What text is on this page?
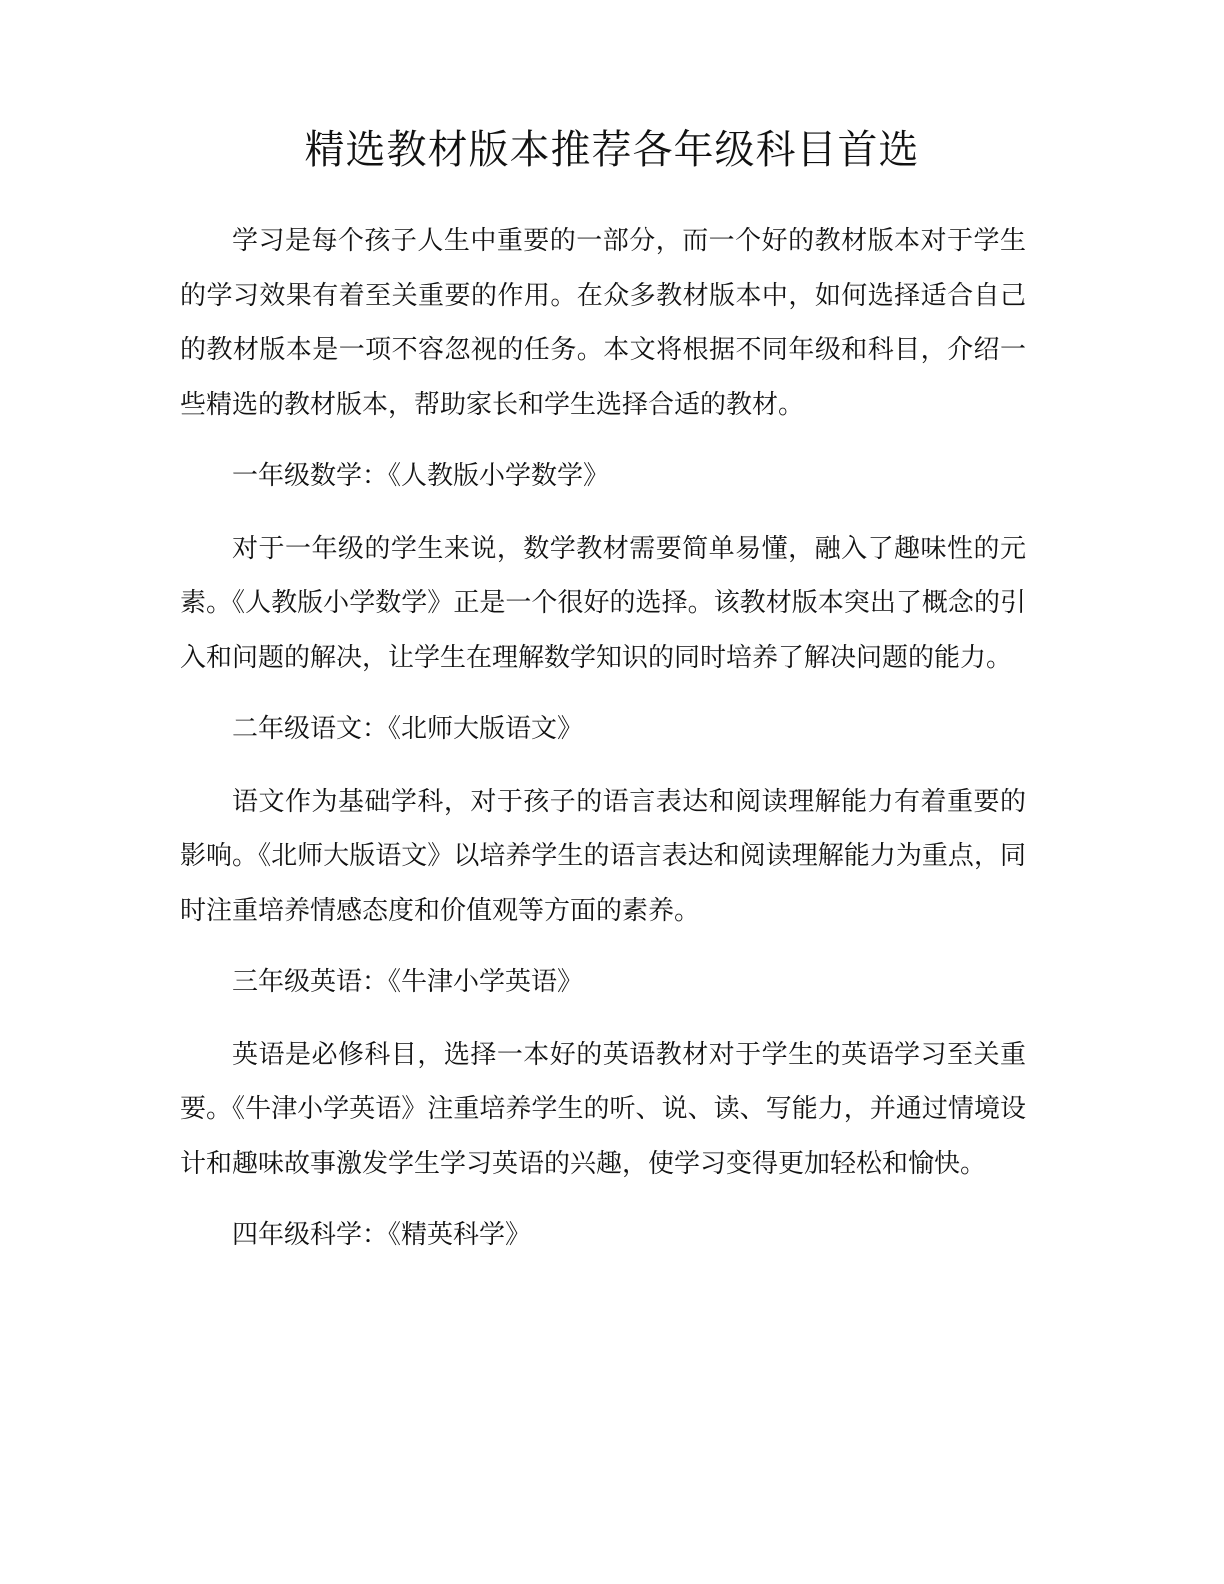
精选教材版本推荐各年级科目首选

学习是每个孩子人生中重要的一部分，而一个好的教材版本对于学生的学习效果有着至关重要的作用。在众多教材版本中，如何选择适合自己的教材版本是一项不容忽视的任务。本文将根据不同年级和科目，介绍一些精选的教材版本，帮助家长和学生选择合适的教材。

一年级数学：《人教版小学数学》

对于一年级的学生来说，数学教材需要简单易懂，融入了趣味性的元素。《人教版小学数学》正是一个很好的选择。该教材版本突出了概念的引入和问题的解决，让学生在理解数学知识的同时培养了解决问题的能力。

二年级语文：《北师大版语文》

语文作为基础学科，对于孩子的语言表达和阅读理解能力有着重要的影响。《北师大版语文》以培养学生的语言表达和阅读理解能力为重点，同时注重培养情感态度和价值观等方面的素养。

三年级英语：《牛津小学英语》

英语是必修科目，选择一本好的英语教材对于学生的英语学习至关重要。《牛津小学英语》注重培养学生的听、说、读、写能力，并通过情境设计和趣味故事激发学生学习英语的兴趣，使学习变得更加轻松和愉快。

四年级科学：《精英科学》
